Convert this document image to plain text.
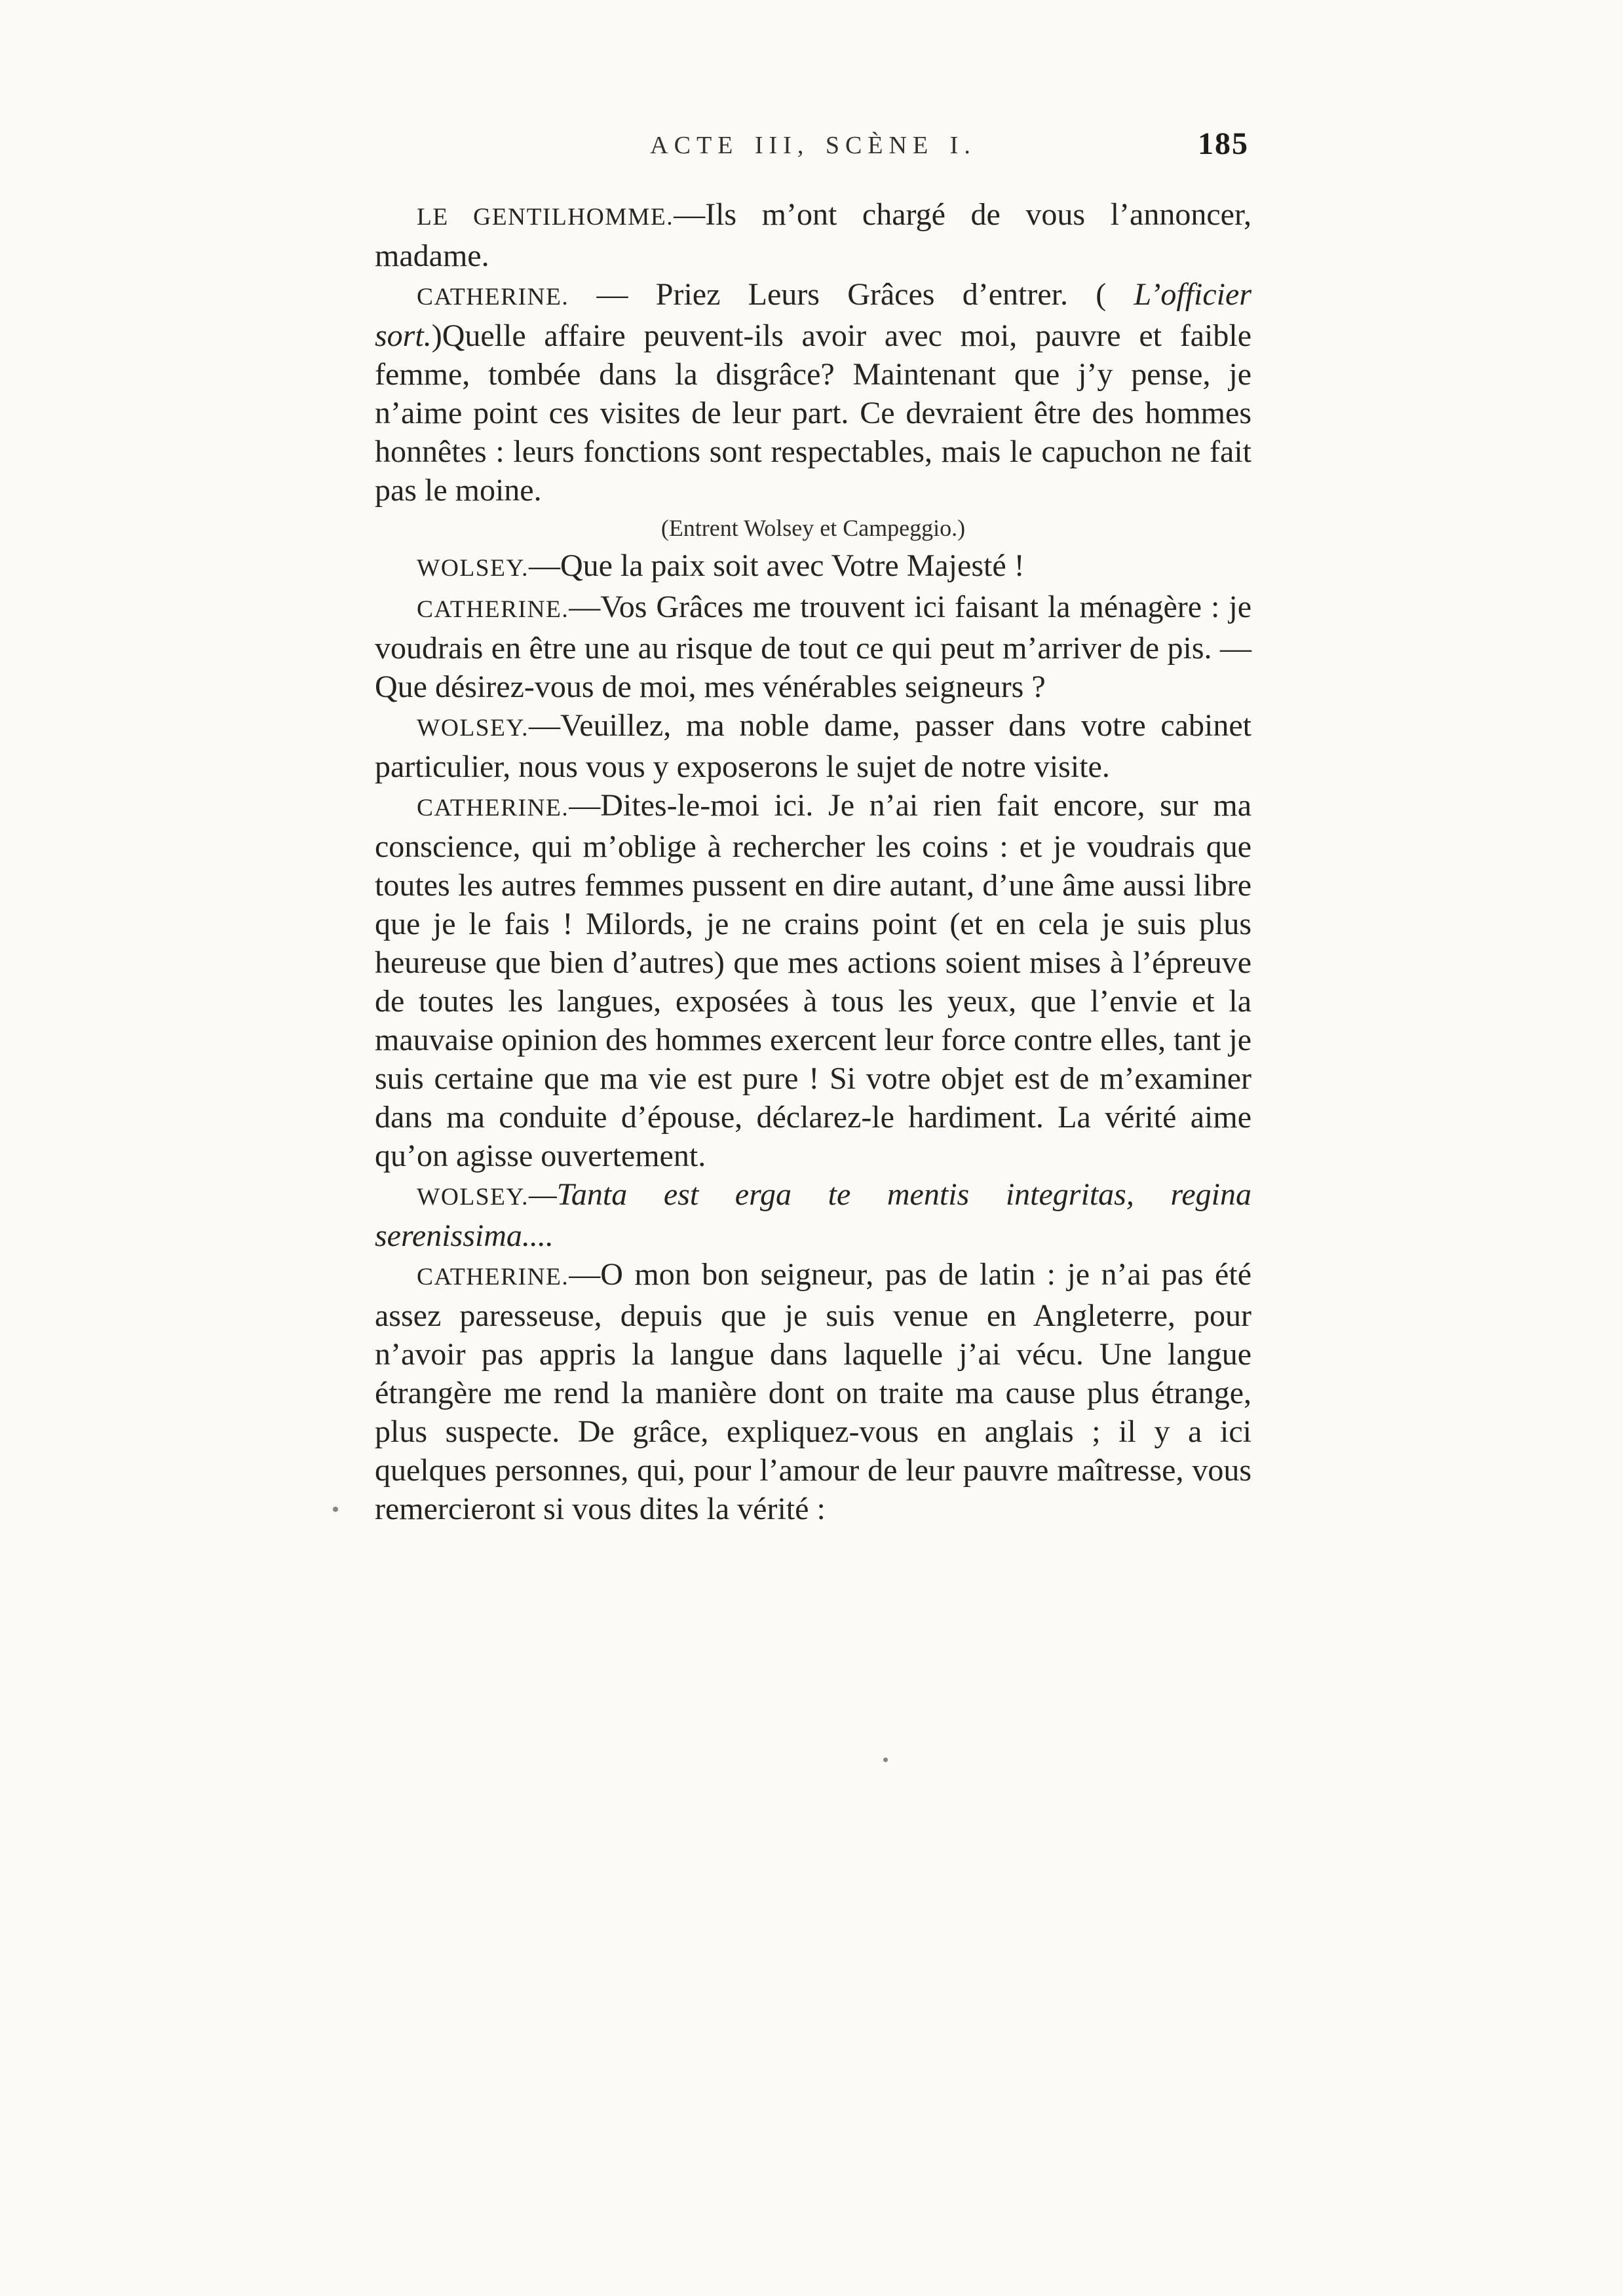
ACTE III, SCÈNE I.	185

LE GENTILHOMME.—Ils m’ont chargé de vous l’annoncer, madame.

CATHERINE. — Priez Leurs Grâces d’entrer. ( L’officier sort.)Quelle affaire peuvent-ils avoir avec moi, pauvre et faible femme, tombée dans la disgrâce? Maintenant que j’y pense, je n’aime point ces visites de leur part. Ce devraient être des hommes honnêtes : leurs fonctions sont respectables, mais le capuchon ne fait pas le moine.

(Entrent Wolsey et Campeggio.)

WOLSEY.—Que la paix soit avec Votre Majesté !

CATHERINE.—Vos Grâces me trouvent ici faisant la ménagère : je voudrais en être une au risque de tout ce qui peut m’arriver de pis. — Que désirez-vous de moi, mes vénérables seigneurs ?

WOLSEY.—Veuillez, ma noble dame, passer dans votre cabinet particulier, nous vous y exposerons le sujet de notre visite.

CATHERINE.—Dites-le-moi ici. Je n’ai rien fait encore, sur ma conscience, qui m’oblige à rechercher les coins : et je voudrais que toutes les autres femmes pussent en dire autant, d’une âme aussi libre que je le fais ! Milords, je ne crains point (et en cela je suis plus heureuse que bien d’autres) que mes actions soient mises à l’épreuve de toutes les langues, exposées à tous les yeux, que l’envie et la mauvaise opinion des hommes exercent leur force contre elles, tant je suis certaine que ma vie est pure ! Si votre objet est de m’examiner dans ma conduite d’épouse, déclarez-le hardiment. La vérité aime qu’on agisse ouvertement.

WOLSEY.—Tanta est erga te mentis integritas, regina serenissima....

CATHERINE.—O mon bon seigneur, pas de latin : je n’ai pas été assez paresseuse, depuis que je suis venue en Angleterre, pour n’avoir pas appris la langue dans laquelle j’ai vécu. Une langue étrangère me rend la manière dont on traite ma cause plus étrange, plus suspecte. De grâce, expliquez-vous en anglais ; il y a ici quelques personnes, qui, pour l’amour de leur pauvre maîtresse, vous remercieront si vous dites la vérité :
